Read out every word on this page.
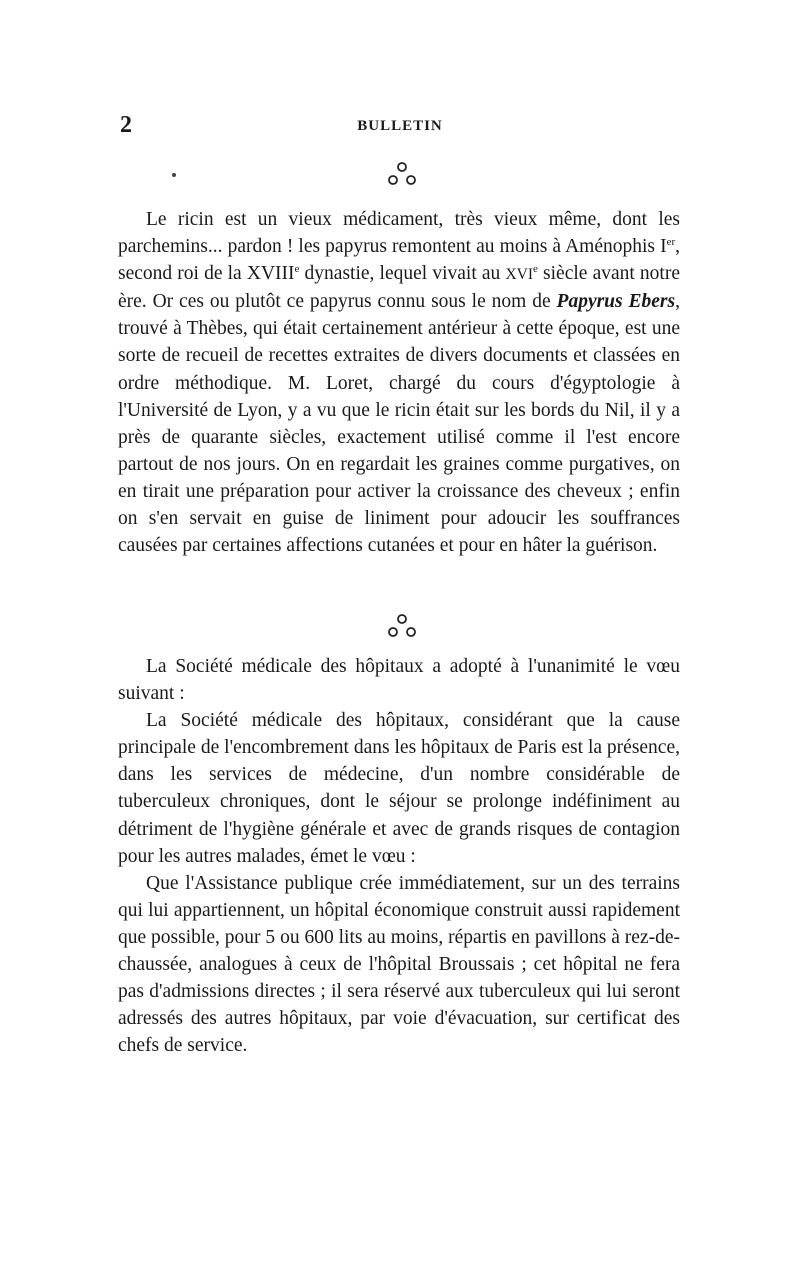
2	BULLETIN

Le ricin est un vieux médicament, très vieux même, dont les parchemins... pardon ! les papyrus remontent au moins à Aménophis Ier, second roi de la XVIIIe dynastie, lequel vivait au XVIe siècle avant notre ère. Or ces ou plutôt ce papyrus connu sous le nom de Papyrus Ebers, trouvé à Thèbes, qui était certainement antérieur à cette époque, est une sorte de recueil de recettes extraites de divers documents et classées en ordre méthodique. M. Loret, chargé du cours d'égyptologie à l'Université de Lyon, y a vu que le ricin était sur les bords du Nil, il y a près de quarante siècles, exactement utilisé comme il l'est encore partout de nos jours. On en regardait les graines comme purgatives, on en tirait une préparation pour activer la croissance des cheveux ; enfin on s'en servait en guise de liniment pour adoucir les souffrances causées par certaines affections cutanées et pour en hâter la guérison.

La Société médicale des hôpitaux a adopté à l'unanimité le vœu suivant :

La Société médicale des hôpitaux, considérant que la cause principale de l'encombrement dans les hôpitaux de Paris est la présence, dans les services de médecine, d'un nombre considérable de tuberculeux chroniques, dont le séjour se prolonge indéfiniment au détriment de l'hygiène générale et avec de grands risques de contagion pour les autres malades, émet le vœu :

Que l'Assistance publique crée immédiatement, sur un des terrains qui lui appartiennent, un hôpital économique construit aussi rapidement que possible, pour 5 ou 600 lits au moins, répartis en pavillons à rez-de-chaussée, analogues à ceux de l'hôpital Broussais ; cet hôpital ne fera pas d'admissions directes ; il sera réservé aux tuberculeux qui lui seront adressés des autres hôpitaux, par voie d'évacuation, sur certificat des chefs de service.
